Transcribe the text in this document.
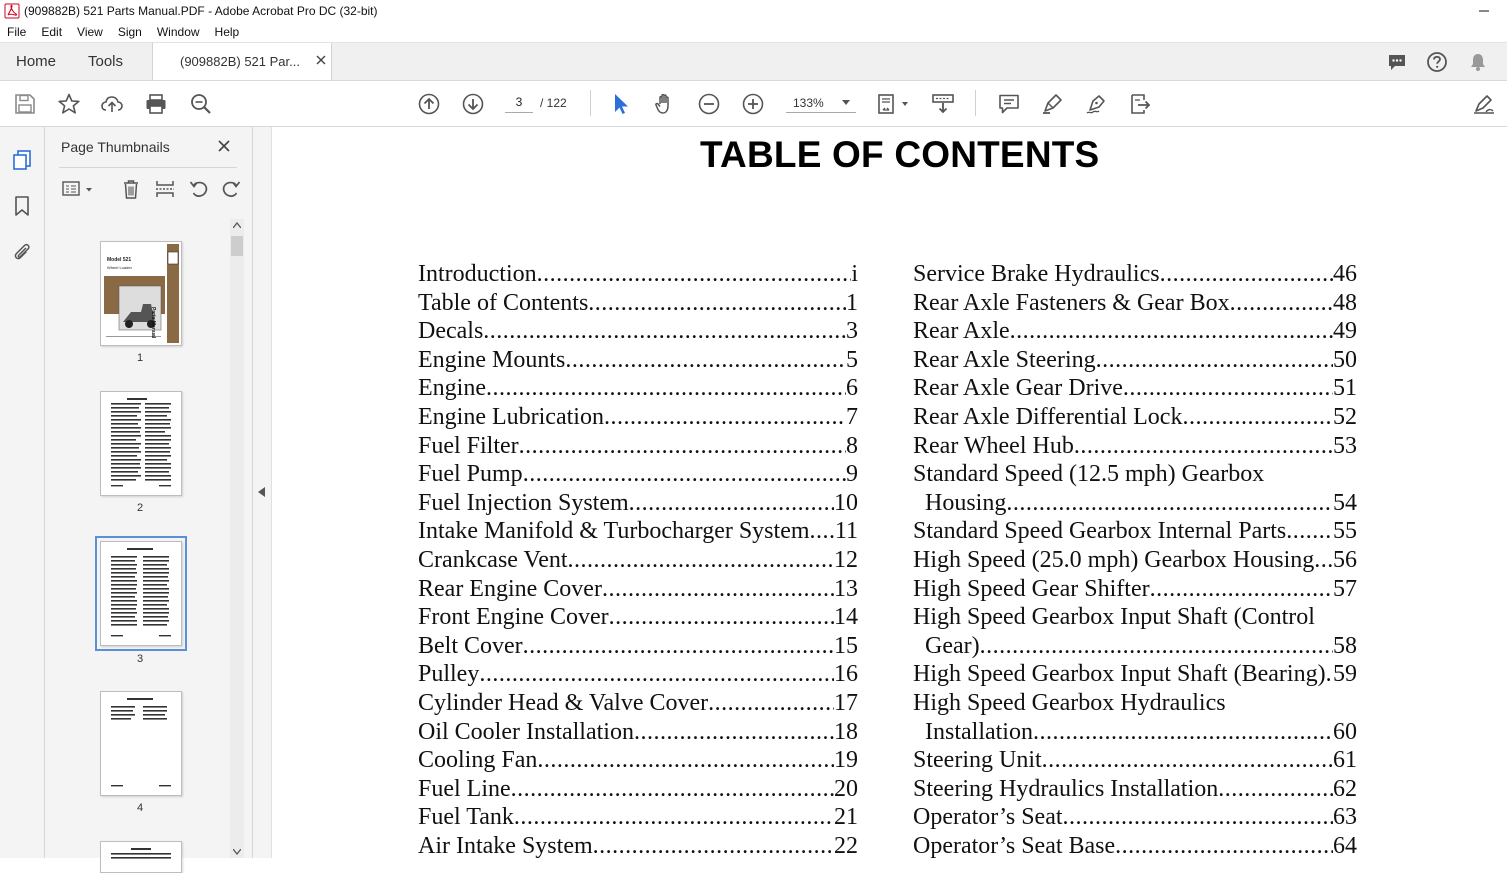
(909882B) 521 Parts Manual.PDF - Adobe Acrobat Pro DC (32-bit)
File	Edit	View	Sign	Window	Help
Home Tools	(909882B) 521 Par...
3
/ 122	133%
Page Thumbnails
Model 521
Wheel Loader
Parts Manual
1
2
3
4
TABLE OF CONTENTS
Introduction .....	i
Table of Contents .....	1
Decals .....	3
Engine Mounts .....	5
Engine .....	6
Engine Lubrication .....	7
Fuel Filter .....	8
Fuel Pump .....	9
Fuel Injection System .....	10
Intake Manifold & Turbocharger System ..... 11
Crankcase Vent .....	12
Rear Engine Cover .....	13
Front Engine Cover .....	14
Belt Cover .....	15
Pulley .....	16
Cylinder Head & Valve Cover .....	17
Oil Cooler Installation .....	18
Cooling Fan .....	19
Fuel Line .....	20
Fuel Tank .....	21
Air Intake System .....	22
Service Brake Hydraulics .....	46
Rear Axle Fasteners & Gear Box .....	48
Rear Axle .....	49
Rear Axle Steering .....	50
Rear Axle Gear Drive .....	51
Rear Axle Differential Lock .....	52
Rear Wheel Hub .....	53
Standard Speed (12.5 mph) Gearbox
Housing .....	54
Standard Speed Gearbox Internal Parts ..... 55
High Speed (25.0 mph) Gearbox Housing ..... 56
High Speed Gear Shifter .....	57
High Speed Gearbox Input Shaft (Control
Gear) .....	58
High Speed Gearbox Input Shaft (Bearing) ..... 59
High Speed Gearbox Hydraulics
Installation .....	60
Steering Unit .....	61
Steering Hydraulics Installation .....	62
Operator’s Seat .....	63
Operator’s Seat Base .....	64
